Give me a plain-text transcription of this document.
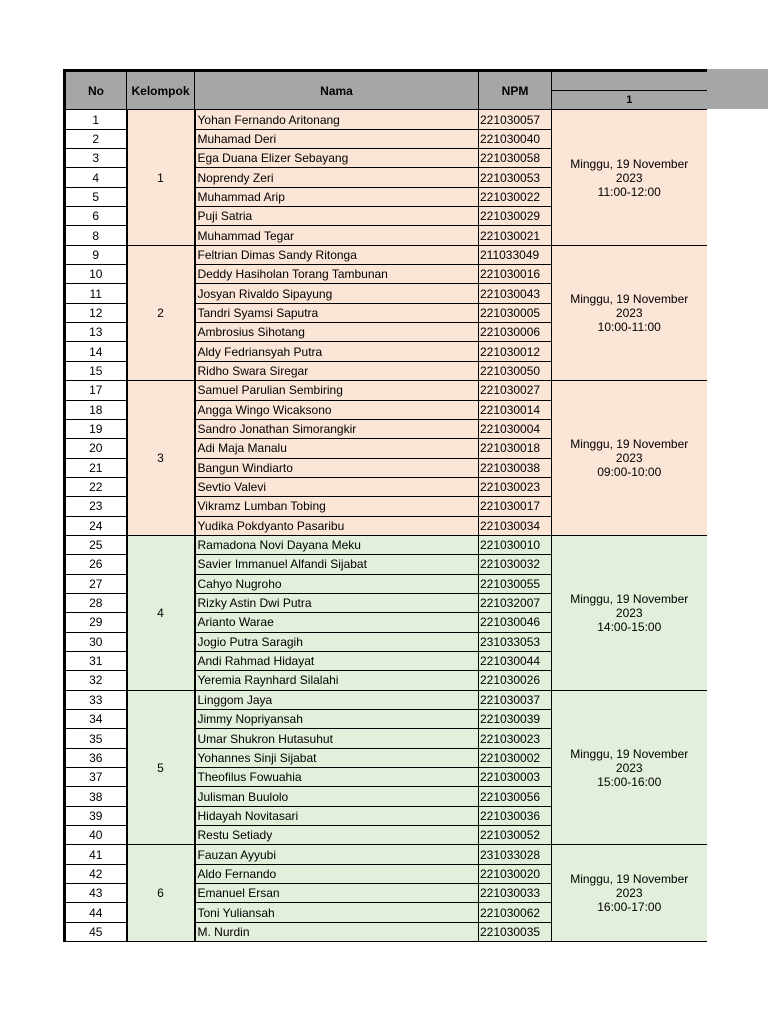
No	Kelompok	Nama	NPM	
				1
1	1	Yohan Fernando Aritonang	221030057	Minggu, 19 November
2023
11:00-12:00

2		Muhamad Deri	221030040	
3		Ega Duana Elizer Sebayang	221030058	
4		Noprendy Zeri	221030053	
5		Muhammad Arip	221030022	
6		Puji Satria	221030029	
8		Muhammad Tegar	221030021	
9	2	Feltrian Dimas Sandy Ritonga	211033049	Minggu, 19 November
2023
10:00-11:00

10		Deddy Hasiholan Torang Tambunan	221030016	
11		Josyan Rivaldo Sipayung	221030043	
12		Tandri Syamsi Saputra	221030005	
13		Ambrosius Sihotang	221030006	
14		Aldy Fedriansyah Putra	221030012	
15		Ridho Swara Siregar	221030050	
17	3	Samuel Parulian Sembiring	221030027	Minggu, 19 November
2023
09:00-10:00

18		Angga Wingo Wicaksono	221030014	
19		Sandro Jonathan Simorangkir	221030004	
20		Adi Maja Manalu	221030018	
21		Bangun Windiarto	221030038	
22		Sevtio Valevi	221030023	
23		Vikramz Lumban Tobing	221030017	
24		Yudika Pokdyanto Pasaribu	221030034	
25	4	Ramadona Novi Dayana Meku	221030010	Minggu, 19 November
2023
14:00-15:00

26		Savier Immanuel Alfandi Sijabat	221030032	
27		Cahyo Nugroho	221030055	
28		Rizky Astin Dwi Putra	221032007	
29		Arianto Warae	221030046	
30		Jogio Putra Saragih	231033053	
31		Andi Rahmad Hidayat	221030044	
32		Yeremia Raynhard Silalahi	221030026	
33	5	Linggom Jaya	221030037	Minggu, 19 November
2023
15:00-16:00

34		Jimmy Nopriyansah	221030039	
35		Umar Shukron Hutasuhut	221030023	
36		Yohannes Sinji Sijabat	221030002	
37		Theofilus Fowuahia	221030003	
38		Julisman Buulolo	221030056	
39		Hidayah Novitasari	221030036	
40		Restu Setiady	221030052	
41	6	Fauzan Ayyubi	231033028	Minggu, 19 November
2023
16:00-17:00

42		Aldo Fernando	221030020	
43		Emanuel Ersan	221030033	
44		Toni Yuliansah	221030062	
45		M. Nurdin	221030035	
